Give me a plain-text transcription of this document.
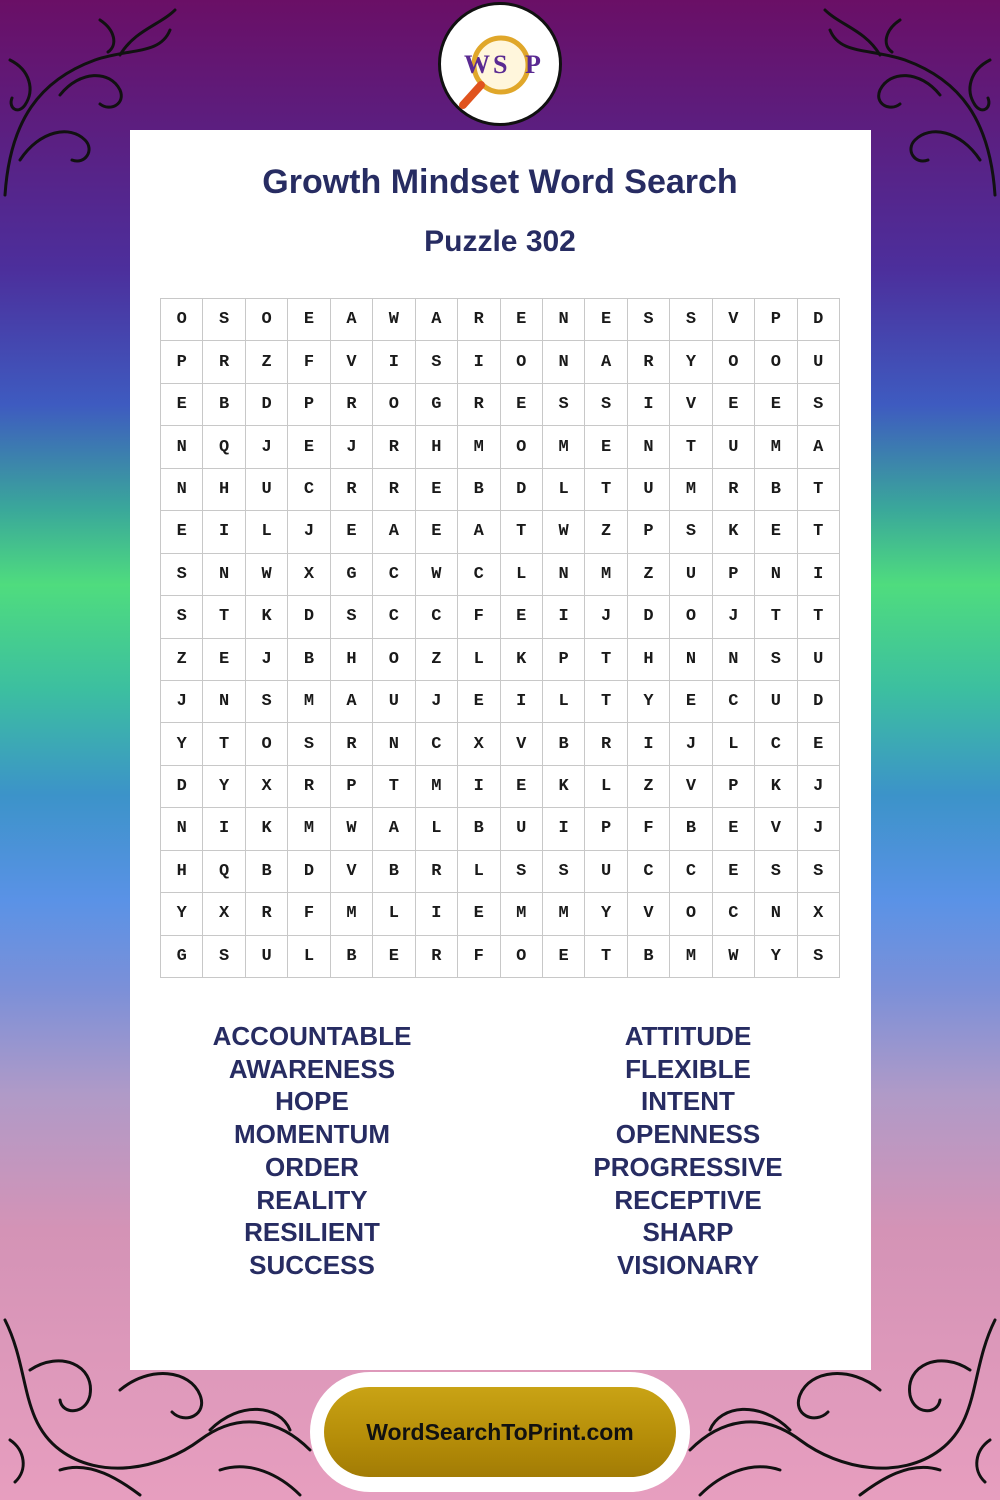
W S P
Growth Mindset Word Search
Puzzle 302
O	S	O	E	A	W	A	R	E	N	E	S	S	V	P	D
P	R	Z	F	V	I	S	I	O	N	A	R	Y	O	O	U
E	B	D	P	R	O	G	R	E	S	S	I	V	E	E	S
N	Q	J	E	J	R	H	M	O	M	E	N	T	U	M	A
N	H	U	C	R	R	E	B	D	L	T	U	M	R	B	T
E	I	L	J	E	A	E	A	T	W	Z	P	S	K	E	T
S	N	W	X	G	C	W	C	L	N	M	Z	U	P	N	I
S	T	K	D	S	C	C	F	E	I	J	D	O	J	T	T
Z	E	J	B	H	O	Z	L	K	P	T	H	N	N	S	U
J	N	S	M	A	U	J	E	I	L	T	Y	E	C	U	D
Y	T	O	S	R	N	C	X	V	B	R	I	J	L	C	E
D	Y	X	R	P	T	M	I	E	K	L	Z	V	P	K	J
N	I	K	M	W	A	L	B	U	I	P	F	B	E	V	J
H	Q	B	D	V	B	R	L	S	S	U	C	C	E	S	S
Y	X	R	F	M	L	I	E	M	M	Y	V	O	C	N	X
G	S	U	L	B	E	R	F	O	E	T	B	M	W	Y	S
ACCOUNTABLE
AWARENESS
HOPE
MOMENTUM
ORDER
REALITY
RESILIENT
SUCCESS
ATTITUDE
FLEXIBLE
INTENT
OPENNESS
PROGRESSIVE
RECEPTIVE
SHARP
VISIONARY
WordSearchToPrint.com
